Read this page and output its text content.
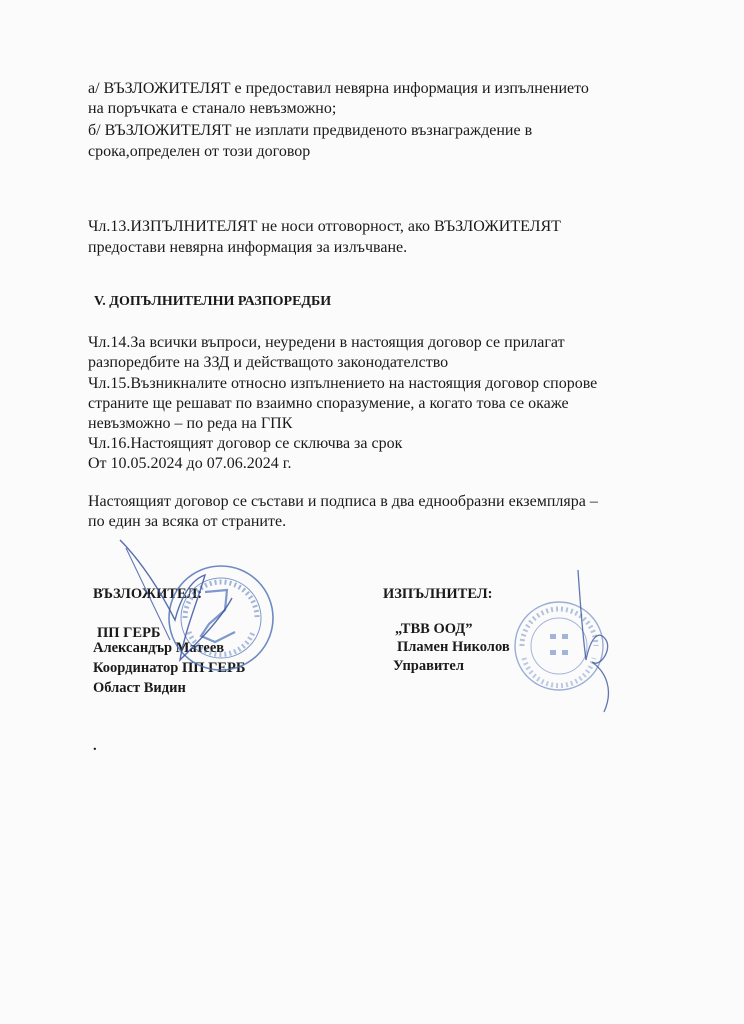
а/ ВЪЗЛОЖИТЕЛЯТ е предоставил невярна информация и изпълнението
на поръчката е станало невъзможно;
б/ ВЪЗЛОЖИТЕЛЯТ не изплати предвиденото възнаграждение в
срока,определен от този договор
Чл.13.ИЗПЪЛНИТЕЛЯТ не носи отговорност, ако ВЪЗЛОЖИТЕЛЯТ
предостави невярна информация за излъчване.
V. ДОПЪЛНИТЕЛНИ РАЗПОРЕДБИ
Чл.14.За всички въпроси, неуредени в настоящия договор се прилагат
разпоредбите на ЗЗД и действащото законодателство
Чл.15.Възникналите относно изпълнението на настоящия договор спорове
страните ще решават по взаимно споразумение, а когато това се окаже
невъзможно – по реда на ГПК
Чл.16.Настоящият договор се сключва за срок
От 10.05.2024 до 07.06.2024 г.
Настоящият договор се състави и подписа в два еднообразни екземпляра –
по един за всяка от страните.
ВЪЗЛОЖИТЕЛ:
ПП ГЕРБ
Александър Матеев
Координатор ПП ГЕРБ
Област Видин
ИЗПЪЛНИТЕЛ:
„ТВВ ООД”
Пламен Николов
Управител
.
